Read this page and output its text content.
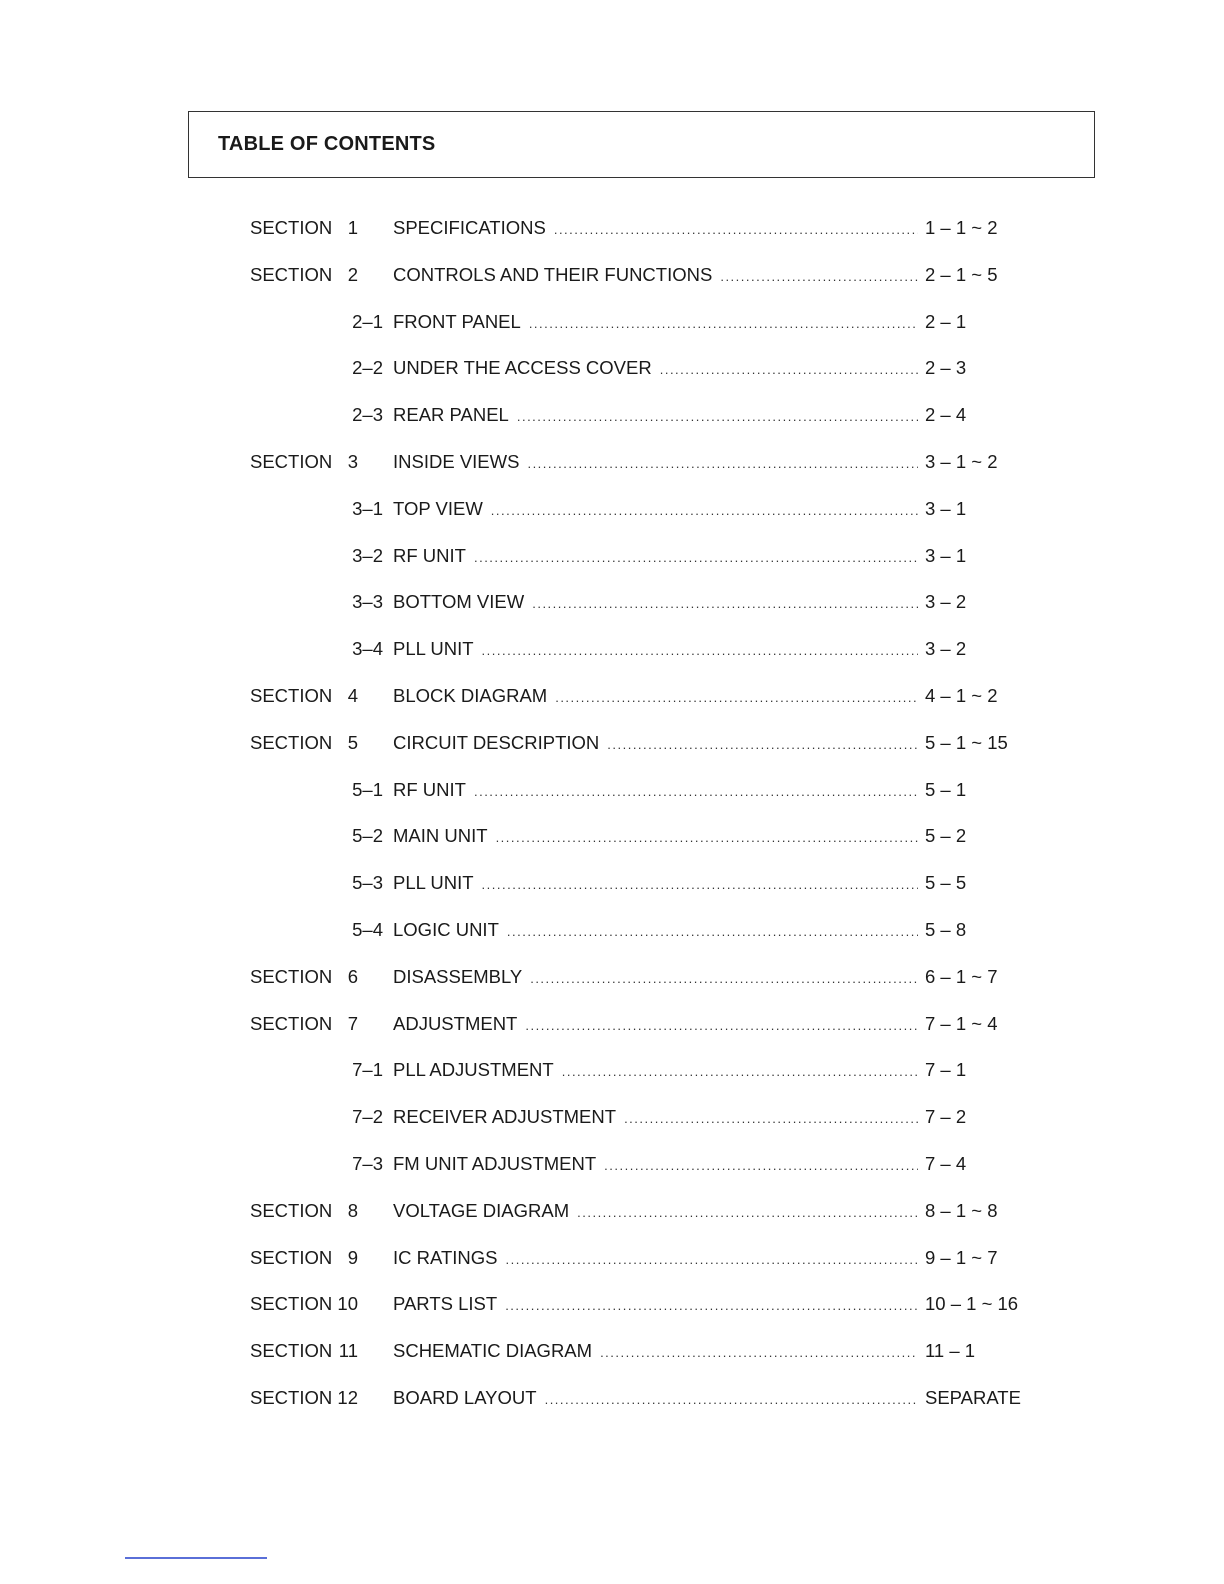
TABLE OF CONTENTS
SECTION 1 SPECIFICATIONS .....	1 – 1 ~ 2
SECTION 2 CONTROLS AND THEIR FUNCTIONS .....	2 – 1 ~ 5
2–1 FRONT PANEL .....	2 – 1
2–2 UNDER THE ACCESS COVER .....	2 – 3
2–3 REAR PANEL .....	2 – 4
SECTION 3 INSIDE VIEWS .....	3 – 1 ~ 2
3–1 TOP VIEW .....	3 – 1
3–2 RF UNIT .....	3 – 1
3–3 BOTTOM VIEW .....	3 – 2
3–4 PLL UNIT .....	3 – 2
SECTION 4 BLOCK DIAGRAM .....	4 – 1 ~ 2
SECTION 5 CIRCUIT DESCRIPTION .....	5 – 1 ~ 15
5–1 RF UNIT .....	5 – 1
5–2 MAIN UNIT .....	5 – 2
5–3 PLL UNIT .....	5 – 5
5–4 LOGIC UNIT .....	5 – 8
SECTION 6 DISASSEMBLY .....	6 – 1 ~ 7
SECTION 7 ADJUSTMENT .....	7 – 1 ~ 4
7–1 PLL ADJUSTMENT .....	7 – 1
7–2 RECEIVER ADJUSTMENT .....	7 – 2
7–3 FM UNIT ADJUSTMENT .....	7 – 4
SECTION 8 VOLTAGE DIAGRAM .....	8 – 1 ~ 8
SECTION 9 IC RATINGS .....	9 – 1 ~ 7
SECTION 10 PARTS LIST .....	10 – 1 ~ 16
SECTION 11 SCHEMATIC DIAGRAM .....	11 – 1
SECTION 12 BOARD LAYOUT .....	SEPARATE
